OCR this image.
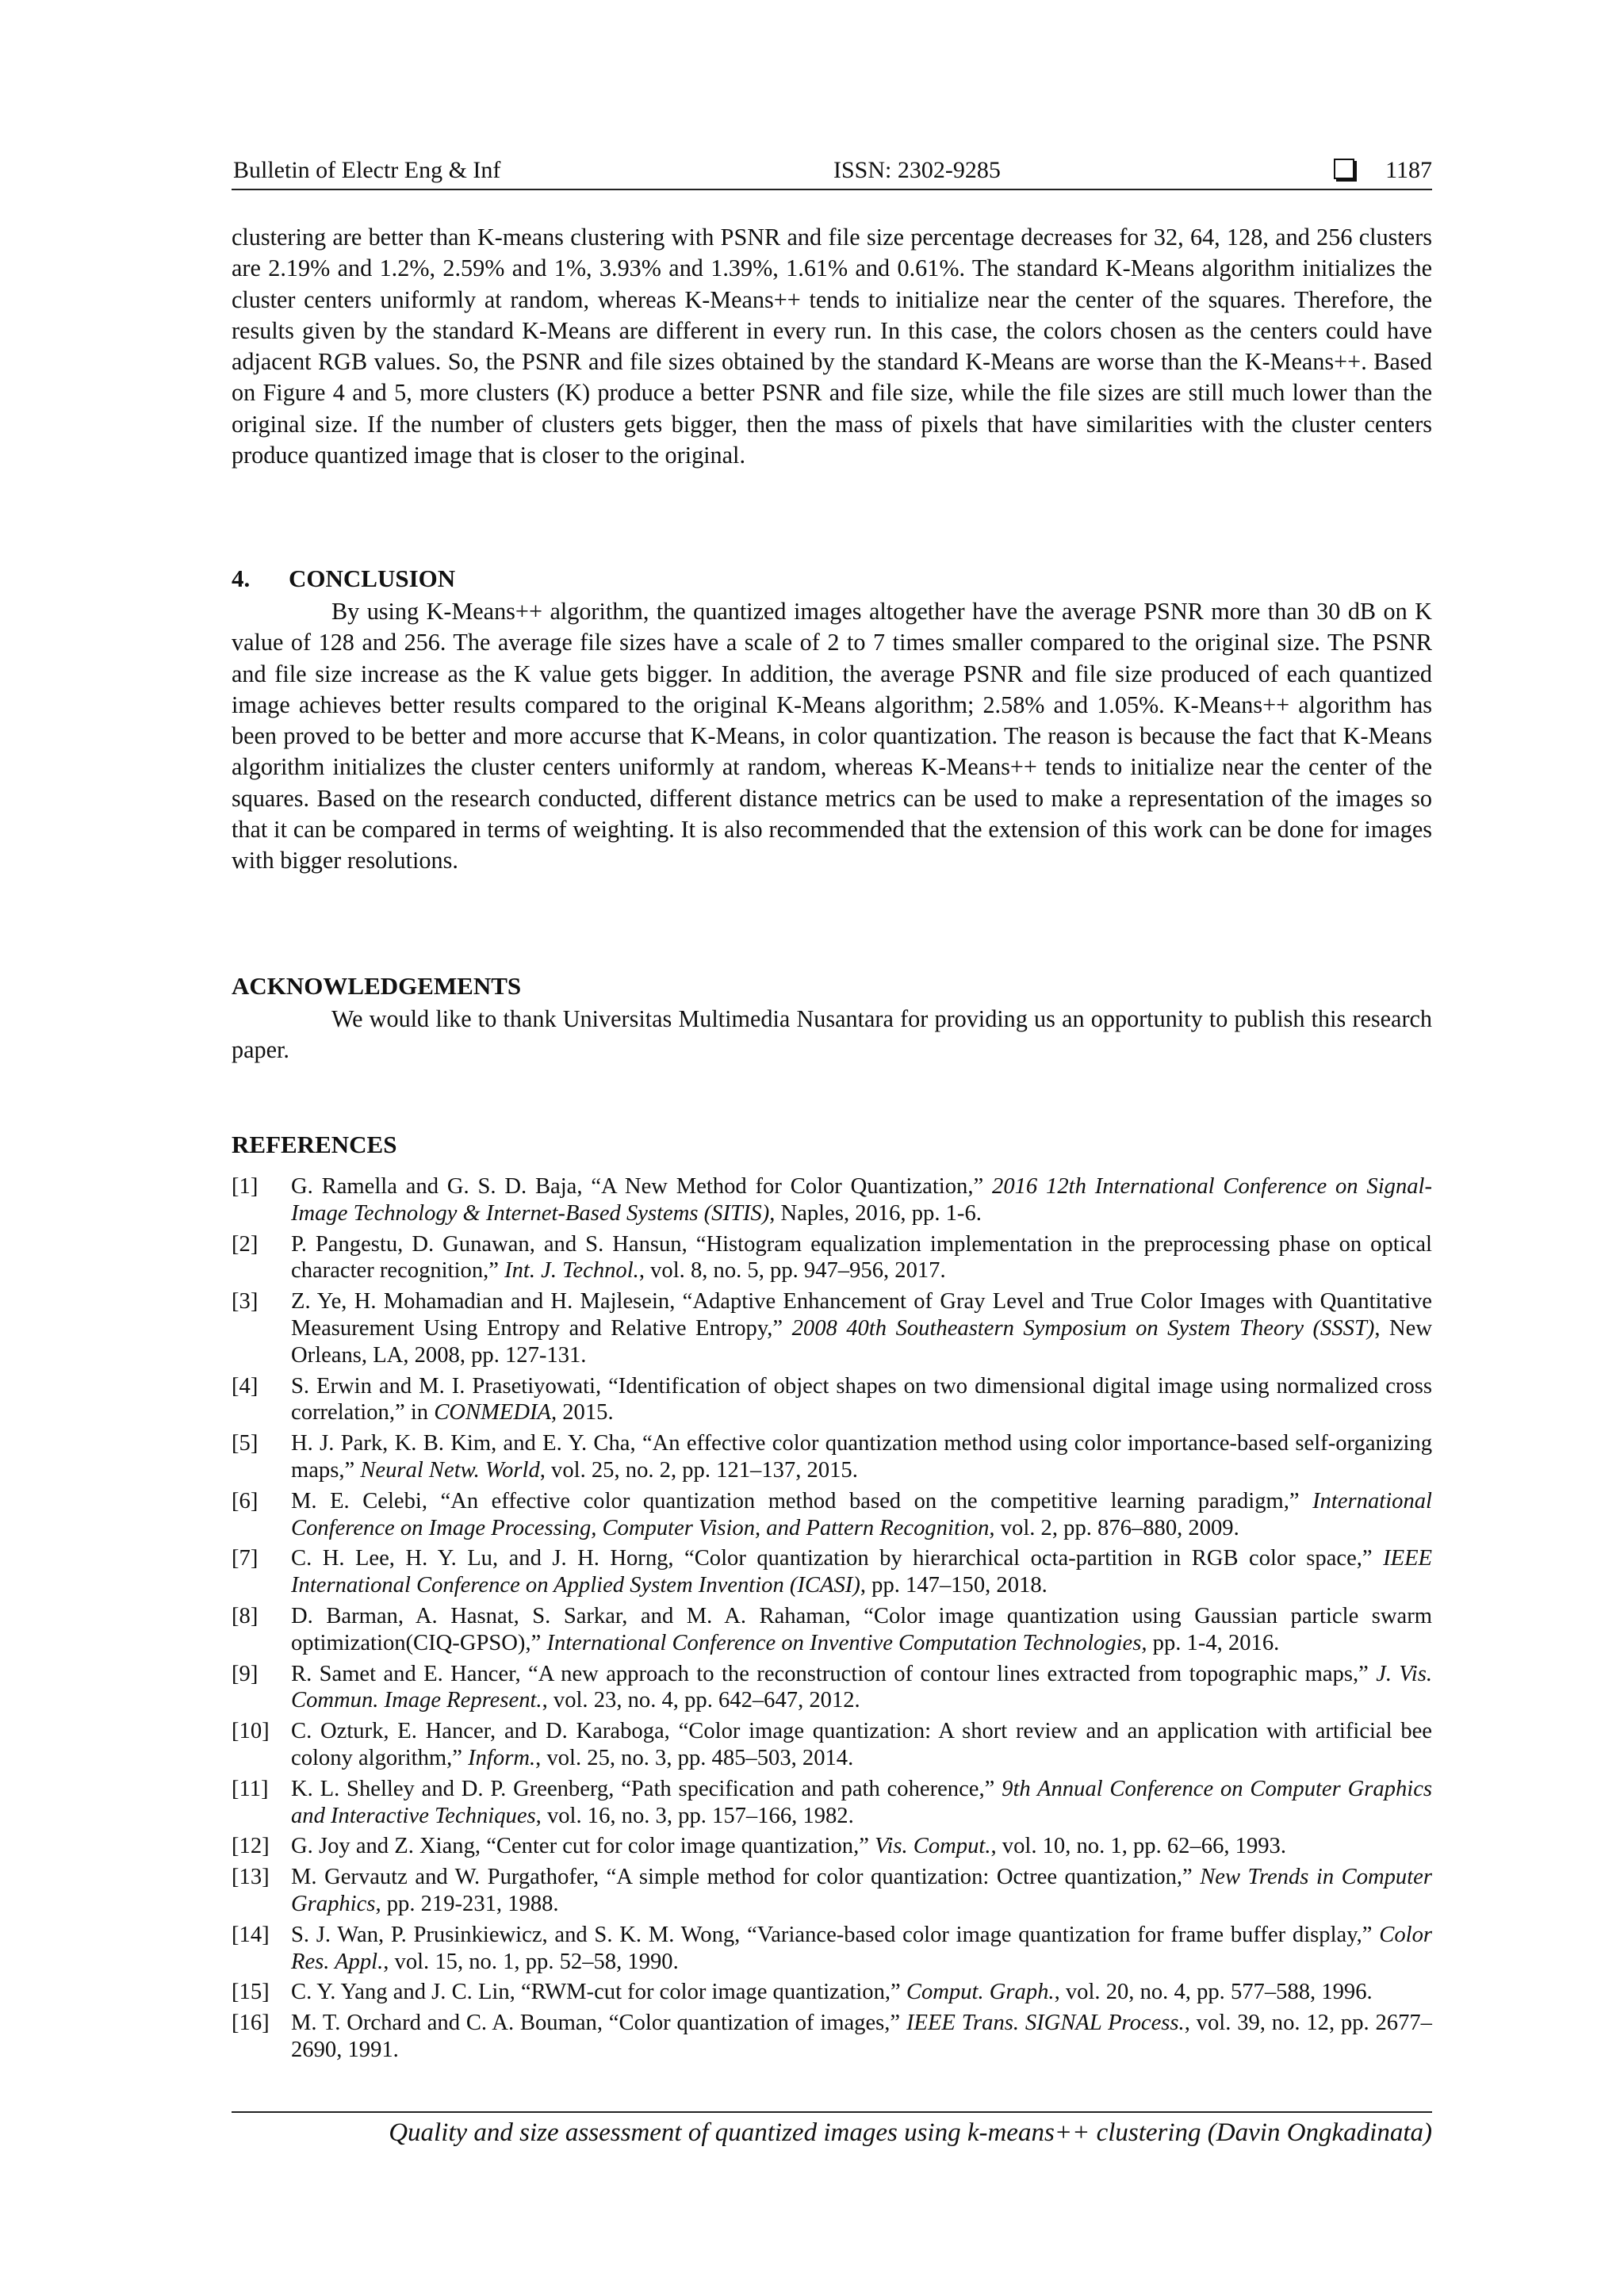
Bulletin of Electr Eng & Inf	ISSN: 2302-9285	1187

clustering are better than K-means clustering with PSNR and file size percentage decreases for 32, 64, 128, and 256 clusters are 2.19% and 1.2%, 2.59% and 1%, 3.93% and 1.39%, 1.61% and 0.61%. The standard K-Means algorithm initializes the cluster centers uniformly at random, whereas K-Means++ tends to initialize near the center of the squares. Therefore, the results given by the standard K-Means are different in every run. In this case, the colors chosen as the centers could have adjacent RGB values. So, the PSNR and file sizes obtained by the standard K-Means are worse than the K-Means++. Based on Figure 4 and 5, more clusters (K) produce a better PSNR and file size, while the file sizes are still much lower than the original size. If the number of clusters gets bigger, then the mass of pixels that have similarities with the cluster centers produce quantized image that is closer to the original.

4. CONCLUSION

By using K-Means++ algorithm, the quantized images altogether have the average PSNR more than 30 dB on K value of 128 and 256. The average file sizes have a scale of 2 to 7 times smaller compared to the original size. The PSNR and file size increase as the K value gets bigger. In addition, the average PSNR and file size produced of each quantized image achieves better results compared to the original K-Means algorithm; 2.58% and 1.05%. K-Means++ algorithm has been proved to be better and more accurse that K-Means, in color quantization. The reason is because the fact that K-Means algorithm initializes the cluster centers uniformly at random, whereas K-Means++ tends to initialize near the center of the squares. Based on the research conducted, different distance metrics can be used to make a representation of the images so that it can be compared in terms of weighting. It is also recommended that the extension of this work can be done for images with bigger resolutions.

ACKNOWLEDGEMENTS

We would like to thank Universitas Multimedia Nusantara for providing us an opportunity to publish this research paper.

REFERENCES
[1]	G. Ramella and G. S. D. Baja, “A New Method for Color Quantization,” 2016 12th International Conference on Signal-Image Technology & Internet-Based Systems (SITIS), Naples, 2016, pp. 1-6.
[2]	P. Pangestu, D. Gunawan, and S. Hansun, “Histogram equalization implementation in the preprocessing phase on optical character recognition,” Int. J. Technol., vol. 8, no. 5, pp. 947–956, 2017.
[3]	Z. Ye, H. Mohamadian and H. Majlesein, “Adaptive Enhancement of Gray Level and True Color Images with Quantitative Measurement Using Entropy and Relative Entropy,” 2008 40th Southeastern Symposium on System Theory (SSST), New Orleans, LA, 2008, pp. 127-131.
[4]	S. Erwin and M. I. Prasetiyowati, “Identification of object shapes on two dimensional digital image using normalized cross correlation,” in CONMEDIA, 2015.
[5]	H. J. Park, K. B. Kim, and E. Y. Cha, “An effective color quantization method using color importance-based self-organizing maps,” Neural Netw. World, vol. 25, no. 2, pp. 121–137, 2015.
[6]	M. E. Celebi, “An effective color quantization method based on the competitive learning paradigm,” International Conference on Image Processing, Computer Vision, and Pattern Recognition, vol. 2, pp. 876–880, 2009.
[7]	C. H. Lee, H. Y. Lu, and J. H. Horng, “Color quantization by hierarchical octa-partition in RGB color space,” IEEE International Conference on Applied System Invention (ICASI), pp. 147–150, 2018.
[8]	D. Barman, A. Hasnat, S. Sarkar, and M. A. Rahaman, “Color image quantization using Gaussian particle swarm optimization(CIQ-GPSO),” International Conference on Inventive Computation Technologies, pp. 1-4, 2016.
[9]	R. Samet and E. Hancer, “A new approach to the reconstruction of contour lines extracted from topographic maps,” J. Vis. Commun. Image Represent., vol. 23, no. 4, pp. 642–647, 2012.
[10] C. Ozturk, E. Hancer, and D. Karaboga, “Color image quantization: A short review and an application with artificial bee colony algorithm,” Inform., vol. 25, no. 3, pp. 485–503, 2014.
[11] K. L. Shelley and D. P. Greenberg, “Path specification and path coherence,” 9th Annual Conference on Computer Graphics and Interactive Techniques, vol. 16, no. 3, pp. 157–166, 1982.
[12] G. Joy and Z. Xiang, “Center cut for color image quantization,” Vis. Comput., vol. 10, no. 1, pp. 62–66, 1993.
[13] M. Gervautz and W. Purgathofer, “A simple method for color quantization: Octree quantization,” New Trends in Computer Graphics, pp. 219-231, 1988.
[14] S. J. Wan, P. Prusinkiewicz, and S. K. M. Wong, “Variance-based color image quantization for frame buffer display,” Color Res. Appl., vol. 15, no. 1, pp. 52–58, 1990.
[15] C. Y. Yang and J. C. Lin, “RWM-cut for color image quantization,” Comput. Graph., vol. 20, no. 4, pp. 577–588, 1996.
[16] M. T. Orchard and C. A. Bouman, “Color quantization of images,” IEEE Trans. SIGNAL Process., vol. 39, no. 12, pp. 2677–2690, 1991.
Quality and size assessment of quantized images using k-means++ clustering (Davin Ongkadinata)
